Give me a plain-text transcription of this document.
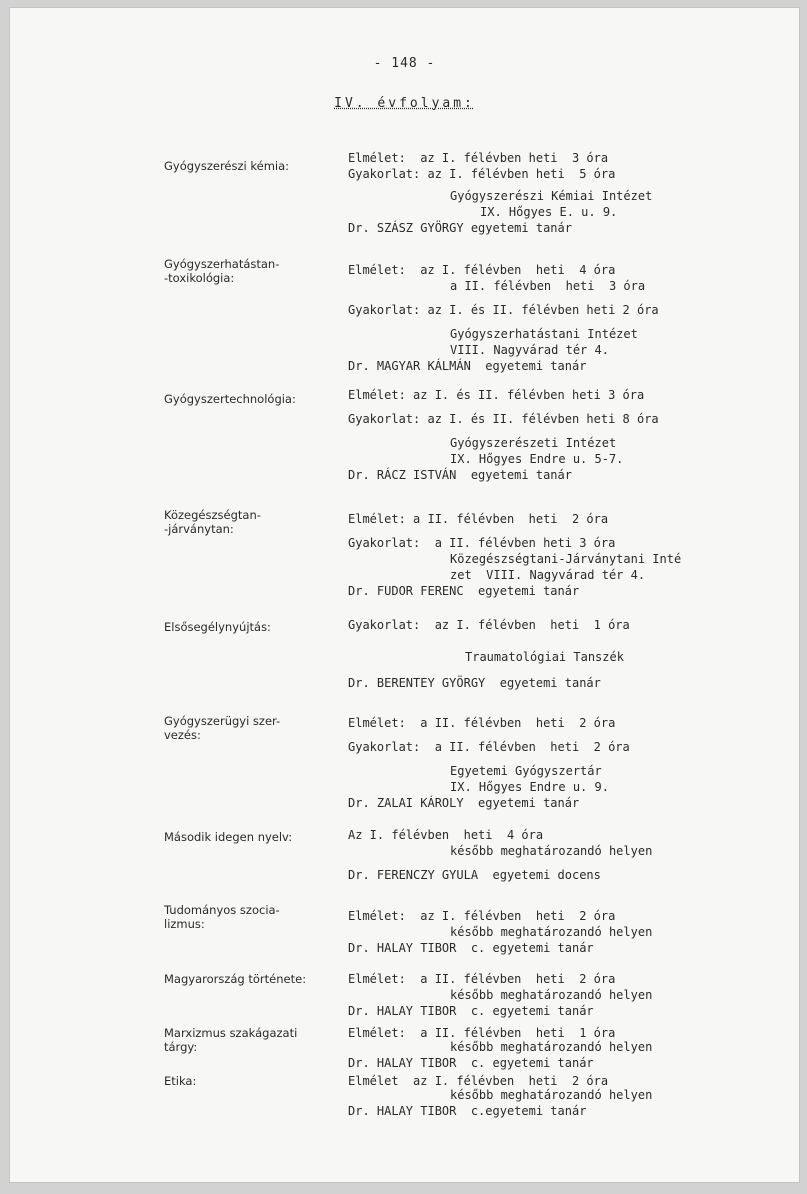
- 148 -
IV. évfolyam:
Gyógyszerészi kémia:
Elmélet:  az I. félévben heti  3 óra
Gyakorlat: az I. félévben heti  5 óra
Gyógyszerészi Kémiai Intézet
IX. Hőgyes E. u. 9.
Dr. SZÁSZ GYÖRGY egyetemi tanár
Gyógyszerhatástan-
-toxikológia:
Elmélet:  az I. félévben  heti  4 óra
a II. félévben  heti  3 óra
Gyakorlat: az I. és II. félévben heti 2 óra
Gyógyszerhatástani Intézet
VIII. Nagyvárad tér 4.
Dr. MAGYAR KÁLMÁN  egyetemi tanár
Gyógyszertechnológia:	Elmélet: az I. és II. félévben heti 3 óra
Gyakorlat: az I. és II. félévben heti 8 óra
Gyógyszerészeti Intézet
IX. Hőgyes Endre u. 5-7.
Dr. RÁCZ ISTVÁN  egyetemi tanár
Közegészségtan-
-járványtan:
Elmélet: a II. félévben  heti  2 óra
Gyakorlat:  a II. félévben heti 3 óra
Közegészségtani-Járványtani Inté
zet  VIII. Nagyvárad tér 4.
Dr. FUDOR FERENC  egyetemi tanár
Elsősegélynyújtás:	Gyakorlat:  az I. félévben  heti  1 óra
Traumatológiai Tanszék
Dr. BERENTEY GYÖRGY  egyetemi tanár
Gyógyszerügyi szer-
vezés:
Elmélet:  a II. félévben  heti  2 óra
Gyakorlat:  a II. félévben  heti  2 óra
Egyetemi Gyógyszertár
IX. Hőgyes Endre u. 9.
Dr. ZALAI KÁROLY  egyetemi tanár
Második idegen nyelv:	Az I. félévben  heti  4 óra
később meghatározandó helyen
Dr. FERENCZY GYULA  egyetemi docens
Tudományos szocia-
lizmus:
Elmélet:  az I. félévben  heti  2 óra
később meghatározandó helyen
Dr. HALAY TIBOR  c. egyetemi tanár
Magyarország története:	Elmélet:  a II. félévben  heti  2 óra
később meghatározandó helyen
Dr. HALAY TIBOR  c. egyetemi tanár
Marxizmus szakágazati
tárgy:
Elmélet:  a II. félévben  heti  1 óra
később meghatározandó helyen
Dr. HALAY TIBOR  c. egyetemi tanár
Etika:	Elmélet  az I. félévben  heti  2 óra
később meghatározandó helyen
Dr. HALAY TIBOR  c.egyetemi tanár
